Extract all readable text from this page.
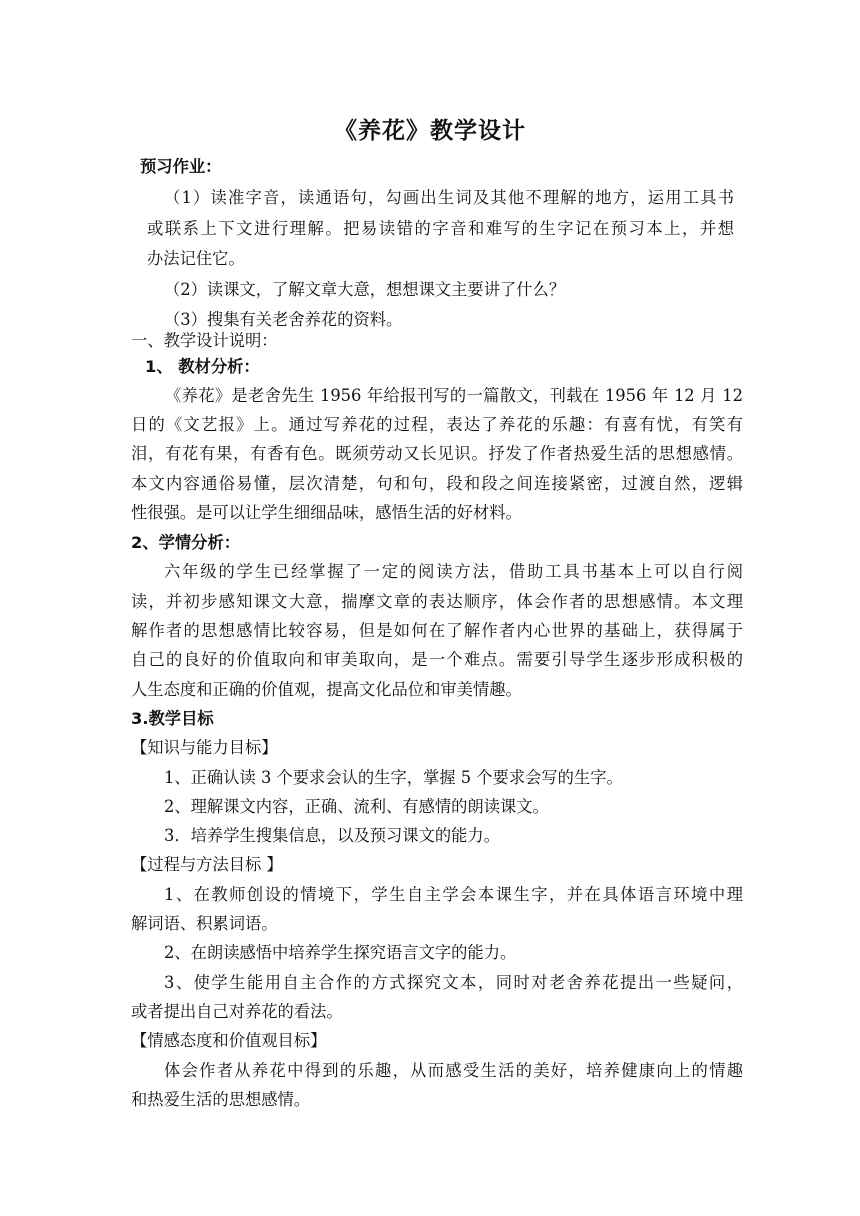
《养花》教学设计
预习作业：
（1）读准字音，读通语句，勾画出生词及其他不理解的地方，运用工具书
或联系上下文进行理解。把易读错的字音和难写的生字记在预习本上，并想
办法记住它。
（2）读课文，了解文章大意，想想课文主要讲了什么？
（3）搜集有关老舍养花的资料。
一、教学设计说明：
1、 教材分析：
《养花》是老舍先生 1956 年给报刊写的一篇散文，刊载在 1956 年 12 月 12
日的《文艺报》上。通过写养花的过程，表达了养花的乐趣：有喜有忧，有笑有
泪，有花有果，有香有色。既须劳动又长见识。抒发了作者热爱生活的思想感情。
本文内容通俗易懂，层次清楚，句和句，段和段之间连接紧密，过渡自然，逻辑
性很强。是可以让学生细细品味，感悟生活的好材料。
2、学情分析：
六年级的学生已经掌握了一定的阅读方法，借助工具书基本上可以自行阅
读，并初步感知课文大意，揣摩文章的表达顺序，体会作者的思想感情。本文理
解作者的思想感情比较容易，但是如何在了解作者内心世界的基础上，获得属于
自己的良好的价值取向和审美取向，是一个难点。需要引导学生逐步形成积极的
人生态度和正确的价值观，提高文化品位和审美情趣。
3.教学目标
【知识与能力目标】
1、正确认读 3 个要求会认的生字，掌握 5 个要求会写的生字。
2、理解课文内容，正确、流利、有感情的朗读课文。
3．培养学生搜集信息，以及预习课文的能力。
【过程与方法目标 】
1、在教师创设的情境下，学生自主学会本课生字，并在具体语言环境中理
解词语、积累词语。
2、在朗读感悟中培养学生探究语言文字的能力。
3、使学生能用自主合作的方式探究文本，同时对老舍养花提出一些疑问，
或者提出自己对养花的看法。
【情感态度和价值观目标】
体会作者从养花中得到的乐趣，从而感受生活的美好，培养健康向上的情趣
和热爱生活的思想感情。
